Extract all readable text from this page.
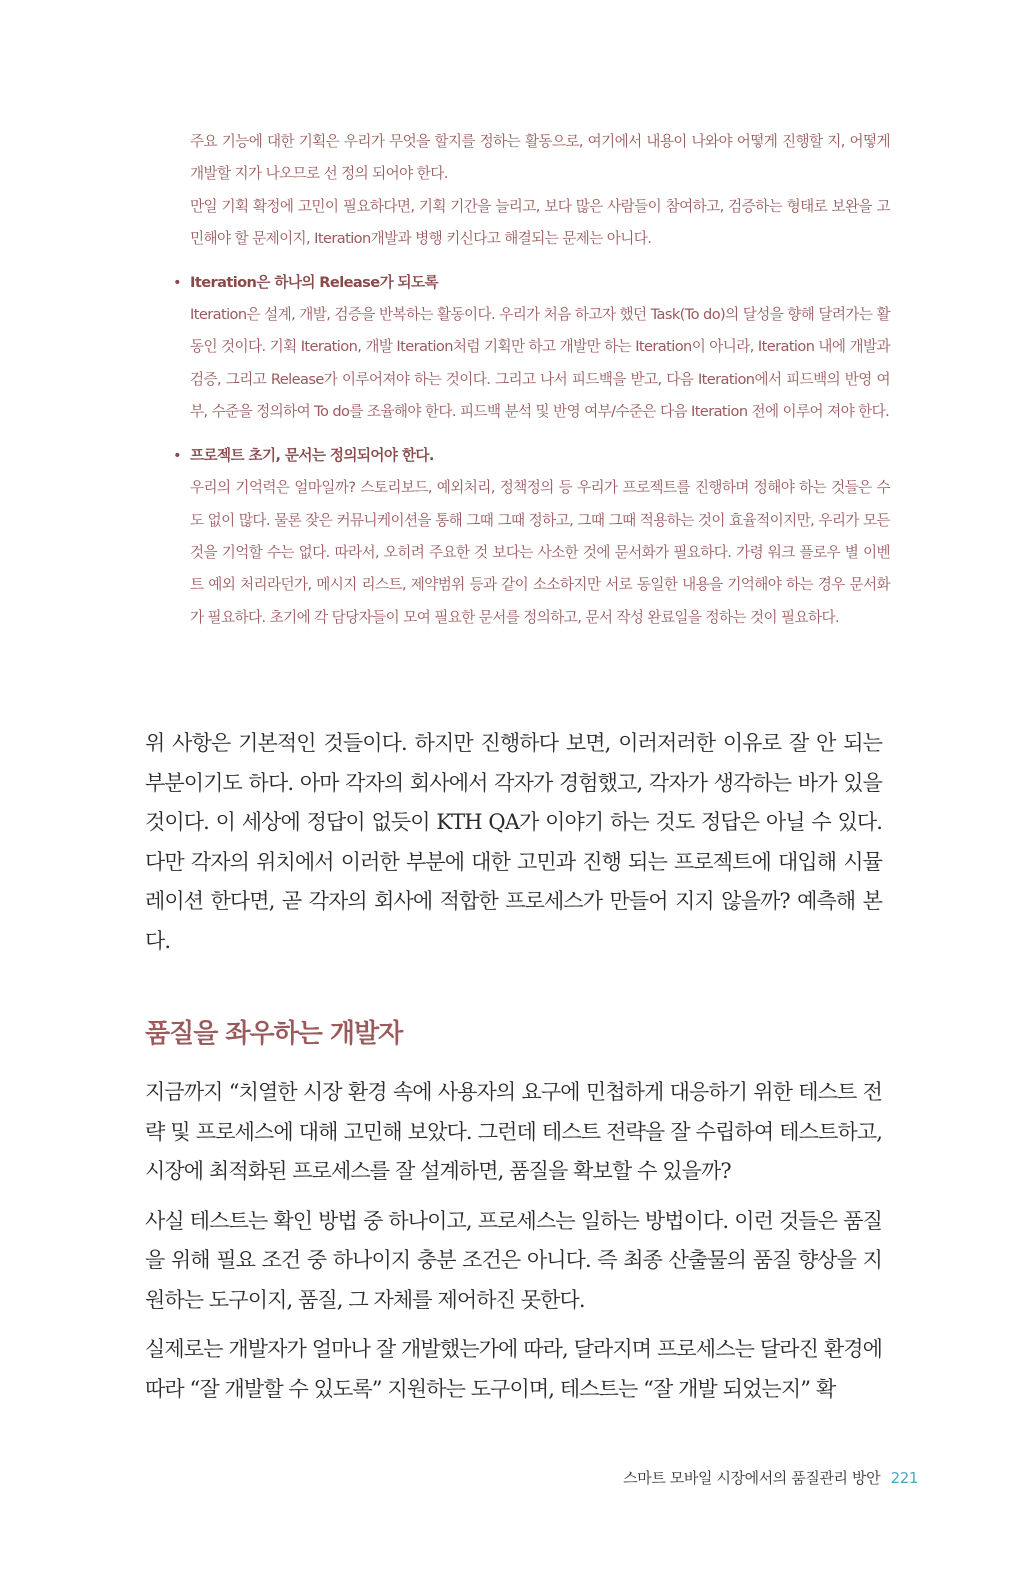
주요 기능에 대한 기획은 우리가 무엇을 할지를 정하는 활동으로, 여기에서 내용이 나와야 어떻게 진행할 지, 어떻게 개발할 지가 나오므로 선 정의 되어야 한다.

만일 기획 확정에 고민이 필요하다면, 기획 기간을 늘리고, 보다 많은 사람들이 참여하고, 검증하는 형태로 보완을 고민해야 할 문제이지, Iteration개발과 병행 키신다고 해결되는 문제는 아니다.

• Iteration은 하나의 Release가 되도록

Iteration은 설계, 개발, 검증을 반복하는 활동이다. 우리가 처음 하고자 했던 Task(To do)의 달성을 향해 달려가는 활동인 것이다. 기획 Iteration, 개발 Iteration처럼 기획만 하고 개발만 하는 Iteration이 아니라, Iteration 내에 개발과 검증, 그리고 Release가 이루어져야 하는 것이다. 그리고 나서 피드백을 받고, 다음 Iteration에서 피드백의 반영 여부, 수준을 정의하여 To do를 조율해야 한다. 피드백 분석 및 반영 여부/수준은 다음 Iteration 전에 이루어 져야 한다.

• 프로젝트 초기, 문서는 정의되어야 한다.

우리의 기억력은 얼마일까? 스토리보드, 예외처리, 정책정의 등 우리가 프로젝트를 진행하며 정해야 하는 것들은 수도 없이 많다. 물론 잦은 커뮤니케이션을 통해 그때 그때 정하고, 그때 그때 적용하는 것이 효율적이지만, 우리가 모든 것을 기억할 수는 없다. 따라서, 오히려 주요한 것 보다는 사소한 것에 문서화가 필요하다. 가령 워크 플로우 별 이벤트 예외 처리라던가, 메시지 리스트, 제약범위 등과 같이 소소하지만 서로 동일한 내용을 기억해야 하는 경우 문서화가 필요하다. 초기에 각 담당자들이 모여 필요한 문서를 정의하고, 문서 작성 완료일을 정하는 것이 필요하다.

위 사항은 기본적인 것들이다. 하지만 진행하다 보면, 이러저러한 이유로 잘 안 되는 부분이기도 하다. 아마 각자의 회사에서 각자가 경험했고, 각자가 생각하는 바가 있을 것이다. 이 세상에 정답이 없듯이 KTH QA가 이야기 하는 것도 정답은 아닐 수 있다. 다만 각자의 위치에서 이러한 부분에 대한 고민과 진행 되는 프로젝트에 대입해 시뮬레이션 한다면, 곧 각자의 회사에 적합한 프로세스가 만들어 지지 않을까? 예측해 본다.

품질을 좌우하는 개발자

지금까지 “치열한 시장 환경 속에 사용자의 요구에 민첩하게 대응하기 위한 테스트 전략 및 프로세스에 대해 고민해 보았다. 그런데 테스트 전략을 잘 수립하여 테스트하고, 시장에 최적화된 프로세스를 잘 설계하면, 품질을 확보할 수 있을까?

사실 테스트는 확인 방법 중 하나이고, 프로세스는 일하는 방법이다. 이런 것들은 품질을 위해 필요 조건 중 하나이지 충분 조건은 아니다. 즉 최종 산출물의 품질 향상을 지원하는 도구이지, 품질, 그 자체를 제어하진 못한다.

실제로는 개발자가 얼마나 잘 개발했는가에 따라, 달라지며 프로세스는 달라진 환경에 따라 “잘 개발할 수 있도록” 지원하는 도구이며, 테스트는 “잘 개발 되었는지” 확

스마트 모바일 시장에서의 품질관리 방안 221
